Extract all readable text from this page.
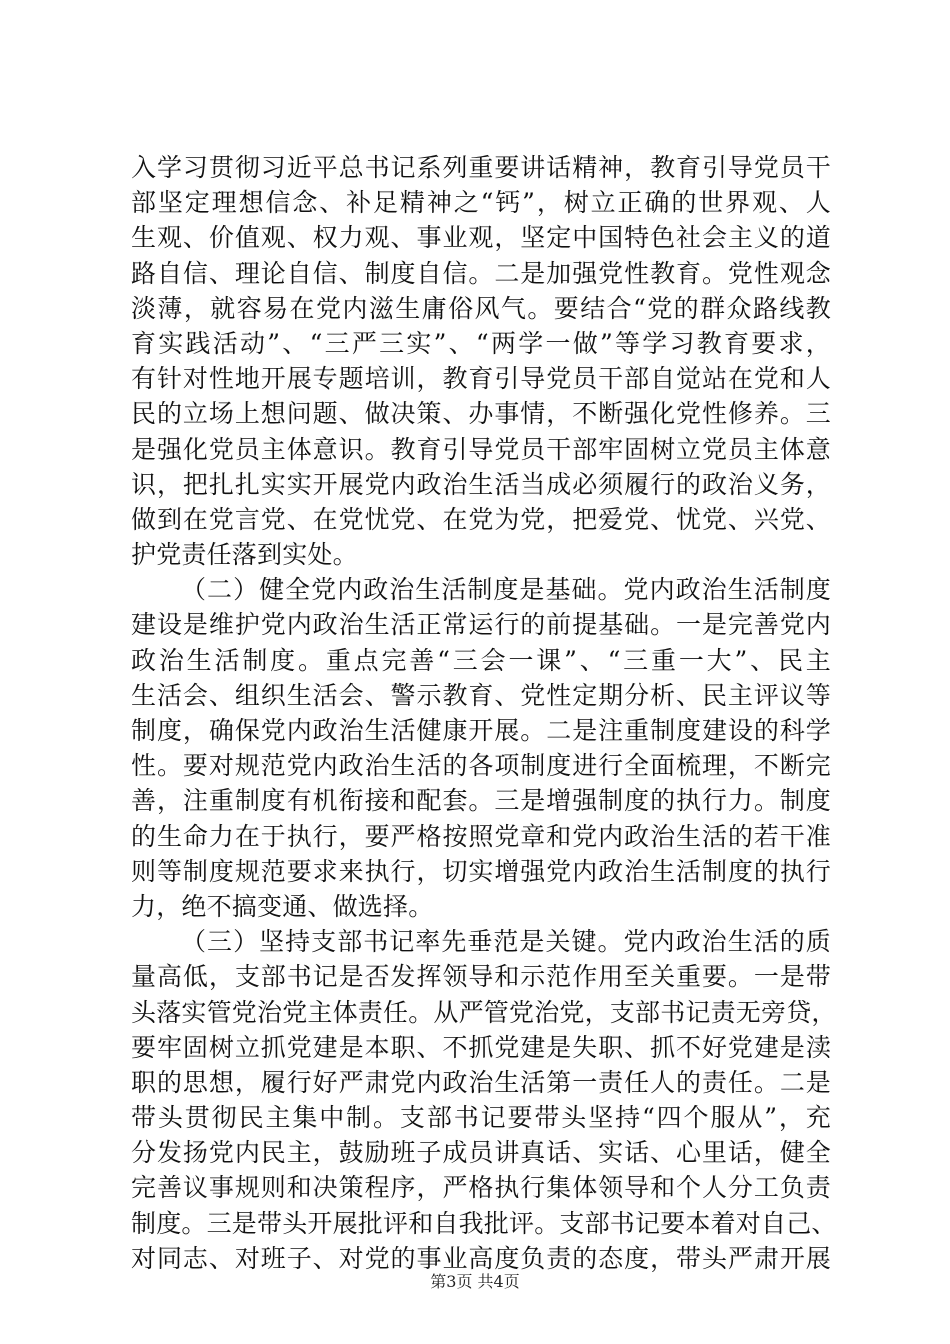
入学习贯彻习近平总书记系列重要讲话精神，教育引导党员干
部坚定理想信念、补足精神之“钙”，树立正确的世界观、人
生观、价值观、权力观、事业观，坚定中国特色社会主义的道
路自信、理论自信、制度自信。二是加强党性教育。党性观念
淡薄，就容易在党内滋生庸俗风气。要结合“党的群众路线教
育实践活动”、“三严三实”、“两学一做”等学习教育要求，
有针对性地开展专题培训，教育引导党员干部自觉站在党和人
民的立场上想问题、做决策、办事情，不断强化党性修养。三
是强化党员主体意识。教育引导党员干部牢固树立党员主体意
识，把扎扎实实开展党内政治生活当成必须履行的政治义务，
做到在党言党、在党忧党、在党为党，把爱党、忧党、兴党、
护党责任落到实处。
（二）健全党内政治生活制度是基础。党内政治生活制度
建设是维护党内政治生活正常运行的前提基础。一是完善党内
政治生活制度。重点完善“三会一课”、“三重一大”、民主
生活会、组织生活会、警示教育、党性定期分析、民主评议等
制度，确保党内政治生活健康开展。二是注重制度建设的科学
性。要对规范党内政治生活的各项制度进行全面梳理，不断完
善，注重制度有机衔接和配套。三是增强制度的执行力。制度
的生命力在于执行，要严格按照党章和党内政治生活的若干准
则等制度规范要求来执行，切实增强党内政治生活制度的执行
力，绝不搞变通、做选择。
（三）坚持支部书记率先垂范是关键。党内政治生活的质
量高低，支部书记是否发挥领导和示范作用至关重要。一是带
头落实管党治党主体责任。从严管党治党，支部书记责无旁贷，
要牢固树立抓党建是本职、不抓党建是失职、抓不好党建是渎
职的思想，履行好严肃党内政治生活第一责任人的责任。二是
带头贯彻民主集中制。支部书记要带头坚持“四个服从”，充
分发扬党内民主，鼓励班子成员讲真话、实话、心里话，健全
完善议事规则和决策程序，严格执行集体领导和个人分工负责
制度。三是带头开展批评和自我批评。支部书记要本着对自己、
对同志、对班子、对党的事业高度负责的态度，带头严肃开展
第3页 共4页
